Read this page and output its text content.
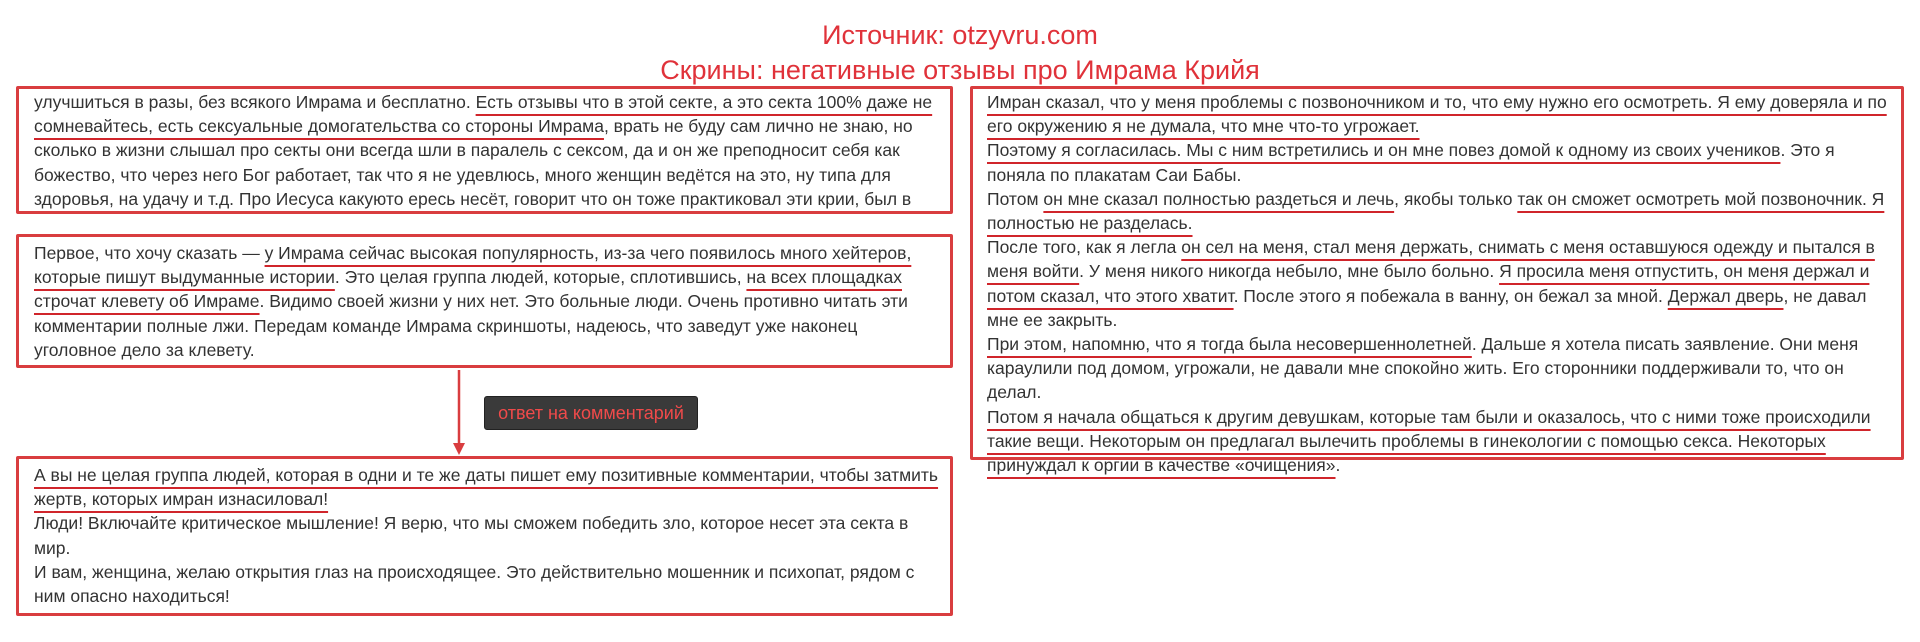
Источник: otzyvru.com
Скрины: негативные отзывы про Имрама Крийя

улучшиться в разы, без всякого Имрама и бесплатно. Есть отзывы что в этой секте, а это секта 100% даже не сомневайтесь, есть сексуальные домогательства со стороны Имрама, врать не буду сам лично не знаю, но сколько в жизни слышал про секты они всегда шли в паралель с сексом, да и он же преподносит себя как божество, что через него Бог работает, так что я не удевлюсь, много женщин ведётся на это, ну типа для здоровья, на удачу и т.д. Про Иесуса какуюто ересь несёт, говорит что он тоже практиковал эти крии, был в

Первое, что хочу сказать — у Имрама сейчас высокая популярность, из-за чего появилось много хейтеров, которые пишут выдуманные истории. Это целая группа людей, которые, сплотившись, на всех площадках строчат клевету об Имраме. Видимо своей жизни у них нет. Это больные люди. Очень противно читать эти комментарии полные лжи. Передам команде Имрама скриншоты, надеюсь, что заведут уже наконец уголовное дело за клевету.

ответ на комментарий

А вы не целая группа людей, которая в одни и те же даты пишет ему позитивные комментарии, чтобы затмить жертв, которых имран изнасиловал!

Люди! Включайте критическое мышление! Я верю, что мы сможем победить зло, которое несет эта секта в мир.

И вам, женщина, желаю открытия глаз на происходящее. Это действительно мошенник и психопат, рядом с ним опасно находиться!

Имран сказал, что у меня проблемы с позвоночником и то, что ему нужно его осмотреть. Я ему доверяла и по его окружению я не думала, что мне что-то угрожает.

Поэтому я согласилась. Мы с ним встретились и он мне повез домой к одному из своих учеников. Это я поняла по плакатам Саи Бабы.

Потом он мне сказал полностью раздеться и лечь, якобы только так он сможет осмотреть мой позвоночник. Я полностью не разделась.

После того, как я легла он сел на меня, стал меня держать, снимать с меня оставшуюся одежду и пытался в меня войти. У меня никого никогда небыло, мне было больно. Я просила меня отпустить, он меня держал и потом сказал, что этого хватит. После этого я побежала в ванну, он бежал за мной. Держал дверь, не давал мне ее закрыть.

При этом, напомню, что я тогда была несовершеннолетней. Дальше я хотела писать заявление. Они меня караулили под домом, угрожали, не давали мне спокойно жить. Его сторонники поддерживали то, что он делал.

Потом я начала общаться к другим девушкам, которые там были и оказалось, что с ними тоже происходили такие вещи. Некоторым он предлагал вылечить проблемы в гинекологии с помощью секса. Некоторых принуждал к оргии в качестве «очищения».
